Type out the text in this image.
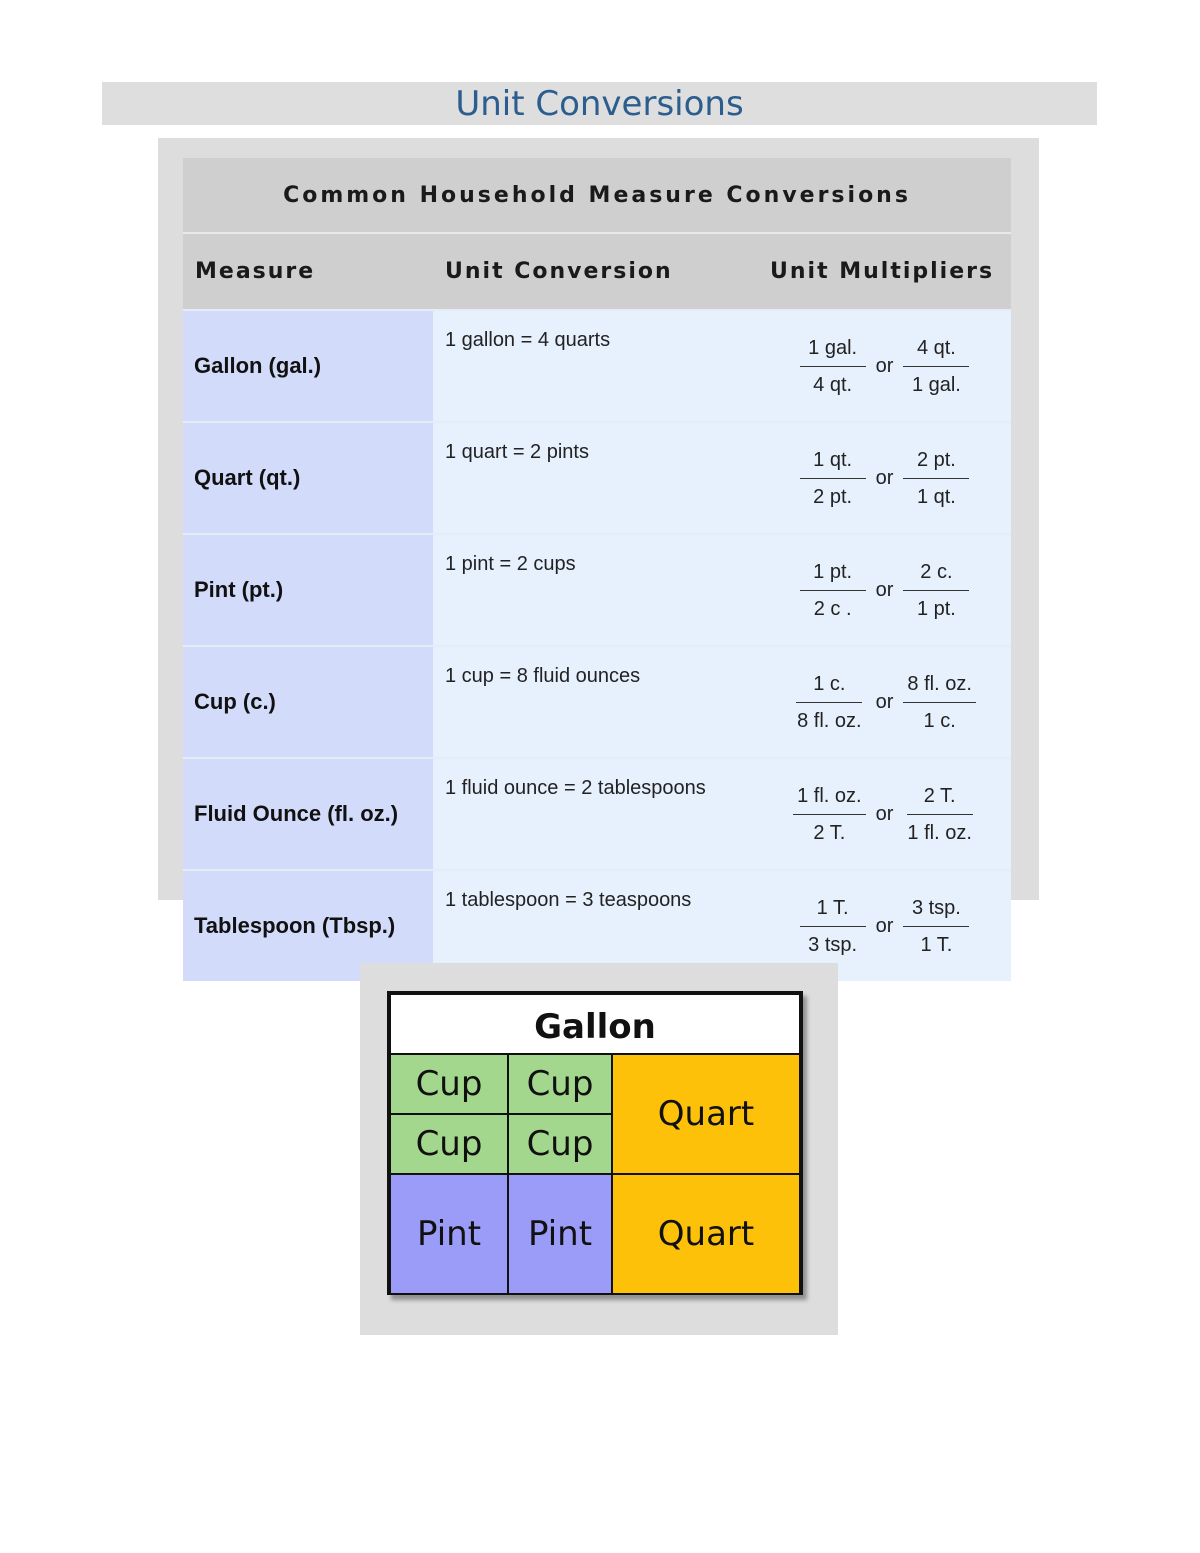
Unit Conversions
Common Household Measure Conversions		
Measure	Unit Conversion	Unit Multipliers
Gallon (gal.)	1 gallon = 4 quarts	$\frac{\text{1 gal.}}{4 qt.}$ or $\frac{4 qt.}{\text{1 gal.}}$

Quart (qt.)	1 quart = 2 pints	$\frac{1 qt.}{2 pt.}$ or $\frac{2 pt.}{1 qt.}$

Pint (pt.)	1 pint = 2 cups	$\frac{1 pt.}{2 c .}$ or $\frac{2 c.}{1 pt.}$

Cup (c.)	1 cup = 8 fluid ounces	$\frac{1 c.}{8 fl. oz.}$ or $\frac{8 fl. oz.}{1 c.}$

Fluid Ounce (fl. oz.)	1 fluid ounce = 2 tablespoons	$\frac{1 fl. oz.}{2 T.}$ or $\frac{2 T.}{1 fl. oz.}$

Tablespoon (Tbsp.)	1 tablespoon = 3 teaspoons	$\frac{1 T.}{\text{3 tsp.}}$ or $\frac{\text{3 tsp.}}{1 T.}$
Gallon
Cup	Cup
Quart
Cup	Cup
Pint	Pint	Quart
